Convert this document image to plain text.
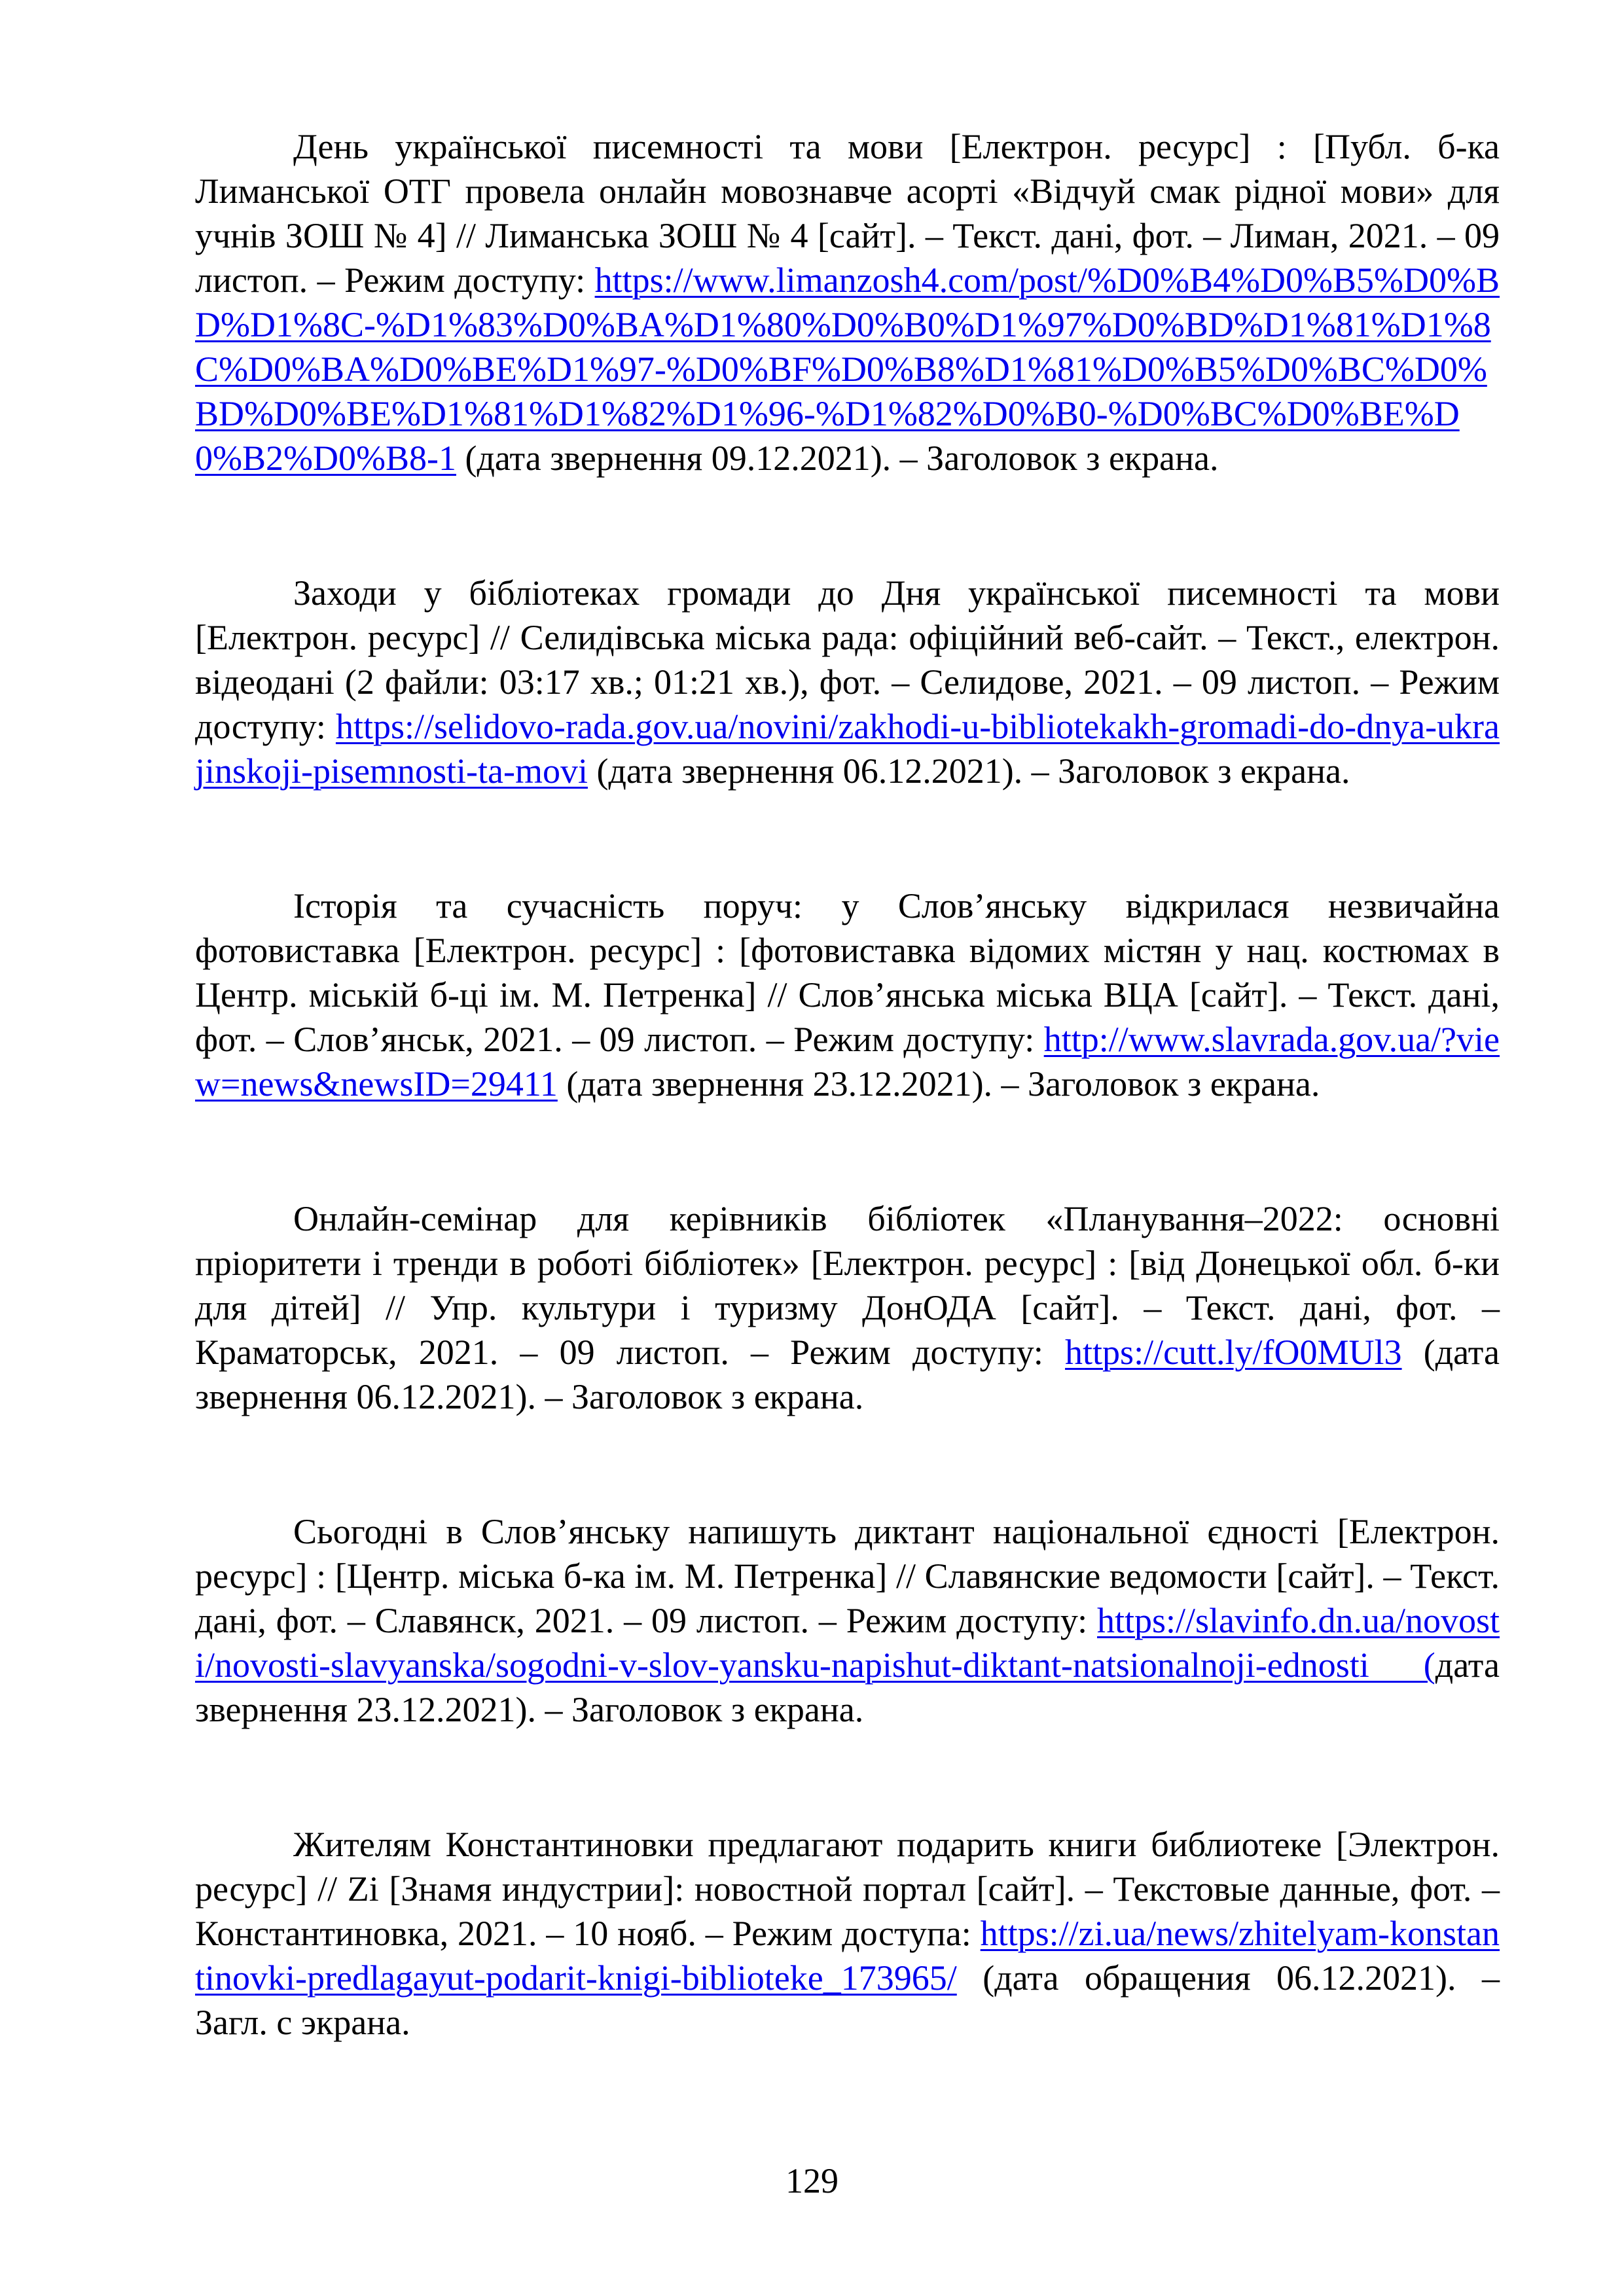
День української писемності та мови [Електрон. ресурс] : [Публ. б-ка Лиманської ОТГ провела онлайн мовознавче асорті «Відчуй смак рідної мови» для учнів ЗОШ № 4] // Лиманська ЗОШ № 4 [сайт]. – Текст. дані, фот. – Лиман, 2021. – 09 листоп. – Режим доступу: https://www.limanzosh4.com/post/%D0%B4%D0%B5%D0%BD%D1%8C-%D1%83%D0%BA%D1%80%D0%B0%D1%97%D0%BD%D1%81%D1%8C%D0%BA%D0%BE%D1%97-%D0%BF%D0%B8%D1%81%D0%B5%D0%BC%D0%BD%D0%BE%D1%81%D1%82%D1%96-%D1%82%D0%B0-%D0%BC%D0%BE%D0%B2%D0%B8-1 (дата звернення 09.12.2021). – Заголовок з екрана.

Заходи у бібліотеках громади до Дня української писемності та мови [Електрон. ресурс] // Селидівська міська рада: офіційний веб-сайт. – Текст., електрон. відеодані (2 файли: 03:17 хв.; 01:21 хв.), фот. – Селидове, 2021. – 09 листоп. – Режим доступу: https://selidovo-rada.gov.ua/novini/zakhodi-u-bibliotekakh-gromadi-do-dnya-ukrajinskoji-pisemnosti-ta-movi (дата звернення 06.12.2021). – Заголовок з екрана.

Історія та сучасність поруч: у Слов’янську відкрилася незвичайна фотовиставка [Електрон. ресурс] : [фотовиставка відомих містян у нац. костюмах в Центр. міській б-ці ім. М. Петренка] // Слов’янська міська ВЦА [сайт]. – Текст. дані, фот. – Слов’янськ, 2021. – 09 листоп. – Режим доступу: http://www.slavrada.gov.ua/?view=news&newsID=29411 (дата звернення 23.12.2021). – Заголовок з екрана.

Онлайн-семінар для керівників бібліотек «Планування–2022: основні пріоритети і тренди в роботі бібліотек» [Електрон. ресурс] : [від Донецької обл. б-ки для дітей] // Упр. культури і туризму ДонОДА [сайт]. – Текст. дані, фот. – Краматорськ, 2021. – 09 листоп. – Режим доступу: https://cutt.ly/fO0MUl3 (дата звернення 06.12.2021). – Заголовок з екрана.

Сьогодні в Слов’янську напишуть диктант національної єдності [Електрон. ресурс] : [Центр. міська б-ка ім. М. Петренка] // Славянские ведомости [сайт]. – Текст. дані, фот. – Славянск, 2021. – 09 листоп. – Режим доступу: https://slavinfo.dn.ua/novosti/novosti-slavyanska/sogodni-v-slov-yansku-napishut-diktant-natsionalnoji-ednosti (дата звернення 23.12.2021). – Заголовок з екрана.

Жителям Константиновки предлагают подарить книги библиотеке [Электрон. ресурс] // Zi [Знамя индустрии]: новостной портал [сайт]. – Текстовые данные, фот. – Константиновка, 2021. – 10 нояб. – Режим доступа: https://zi.ua/news/zhitelyam-konstantinovki-predlagayut-podarit-knigi-biblioteke_173965/ (дата обращения 06.12.2021). – Загл. с экрана.

129
